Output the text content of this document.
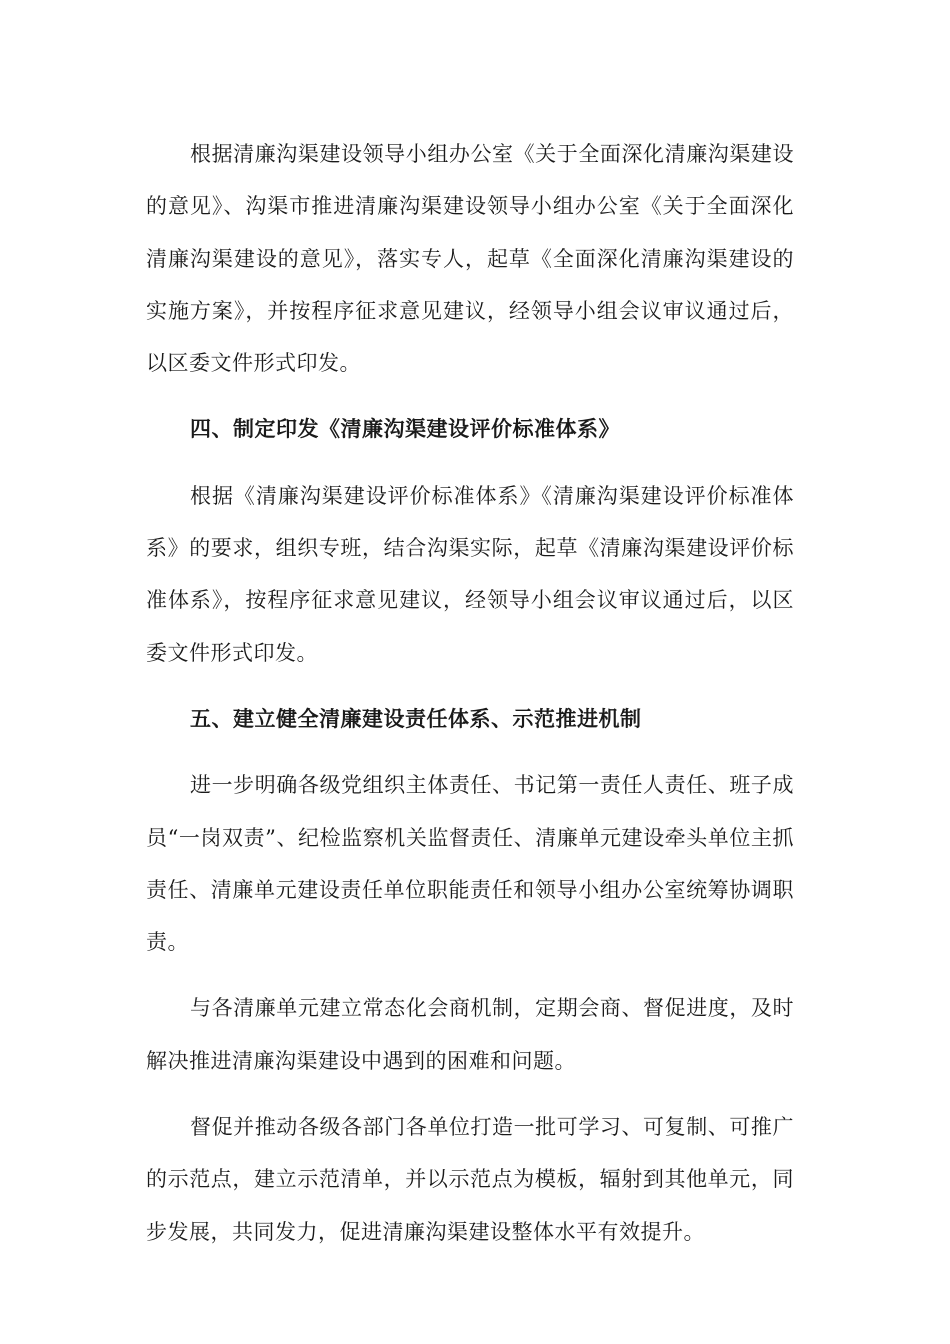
根据清廉沟渠建设领导小组办公室《关于全面深化清廉沟渠建设的意见》、沟渠市推进清廉沟渠建设领导小组办公室《关于全面深化清廉沟渠建设的意见》，落实专人，起草《全面深化清廉沟渠建设的实施方案》，并按程序征求意见建议，经领导小组会议审议通过后，以区委文件形式印发。

四、制定印发《清廉沟渠建设评价标准体系》

根据《清廉沟渠建设评价标准体系》《清廉沟渠建设评价标准体系》的要求，组织专班，结合沟渠实际，起草《清廉沟渠建设评价标准体系》，按程序征求意见建议，经领导小组会议审议通过后，以区委文件形式印发。

五、建立健全清廉建设责任体系、示范推进机制

进一步明确各级党组织主体责任、书记第一责任人责任、班子成员“一岗双责”、纪检监察机关监督责任、清廉单元建设牵头单位主抓责任、清廉单元建设责任单位职能责任和领导小组办公室统筹协调职责。

与各清廉单元建立常态化会商机制，定期会商、督促进度，及时解决推进清廉沟渠建设中遇到的困难和问题。

督促并推动各级各部门各单位打造一批可学习、可复制、可推广的示范点，建立示范清单，并以示范点为模板，辐射到其他单元，同步发展，共同发力，促进清廉沟渠建设整体水平有效提升。
